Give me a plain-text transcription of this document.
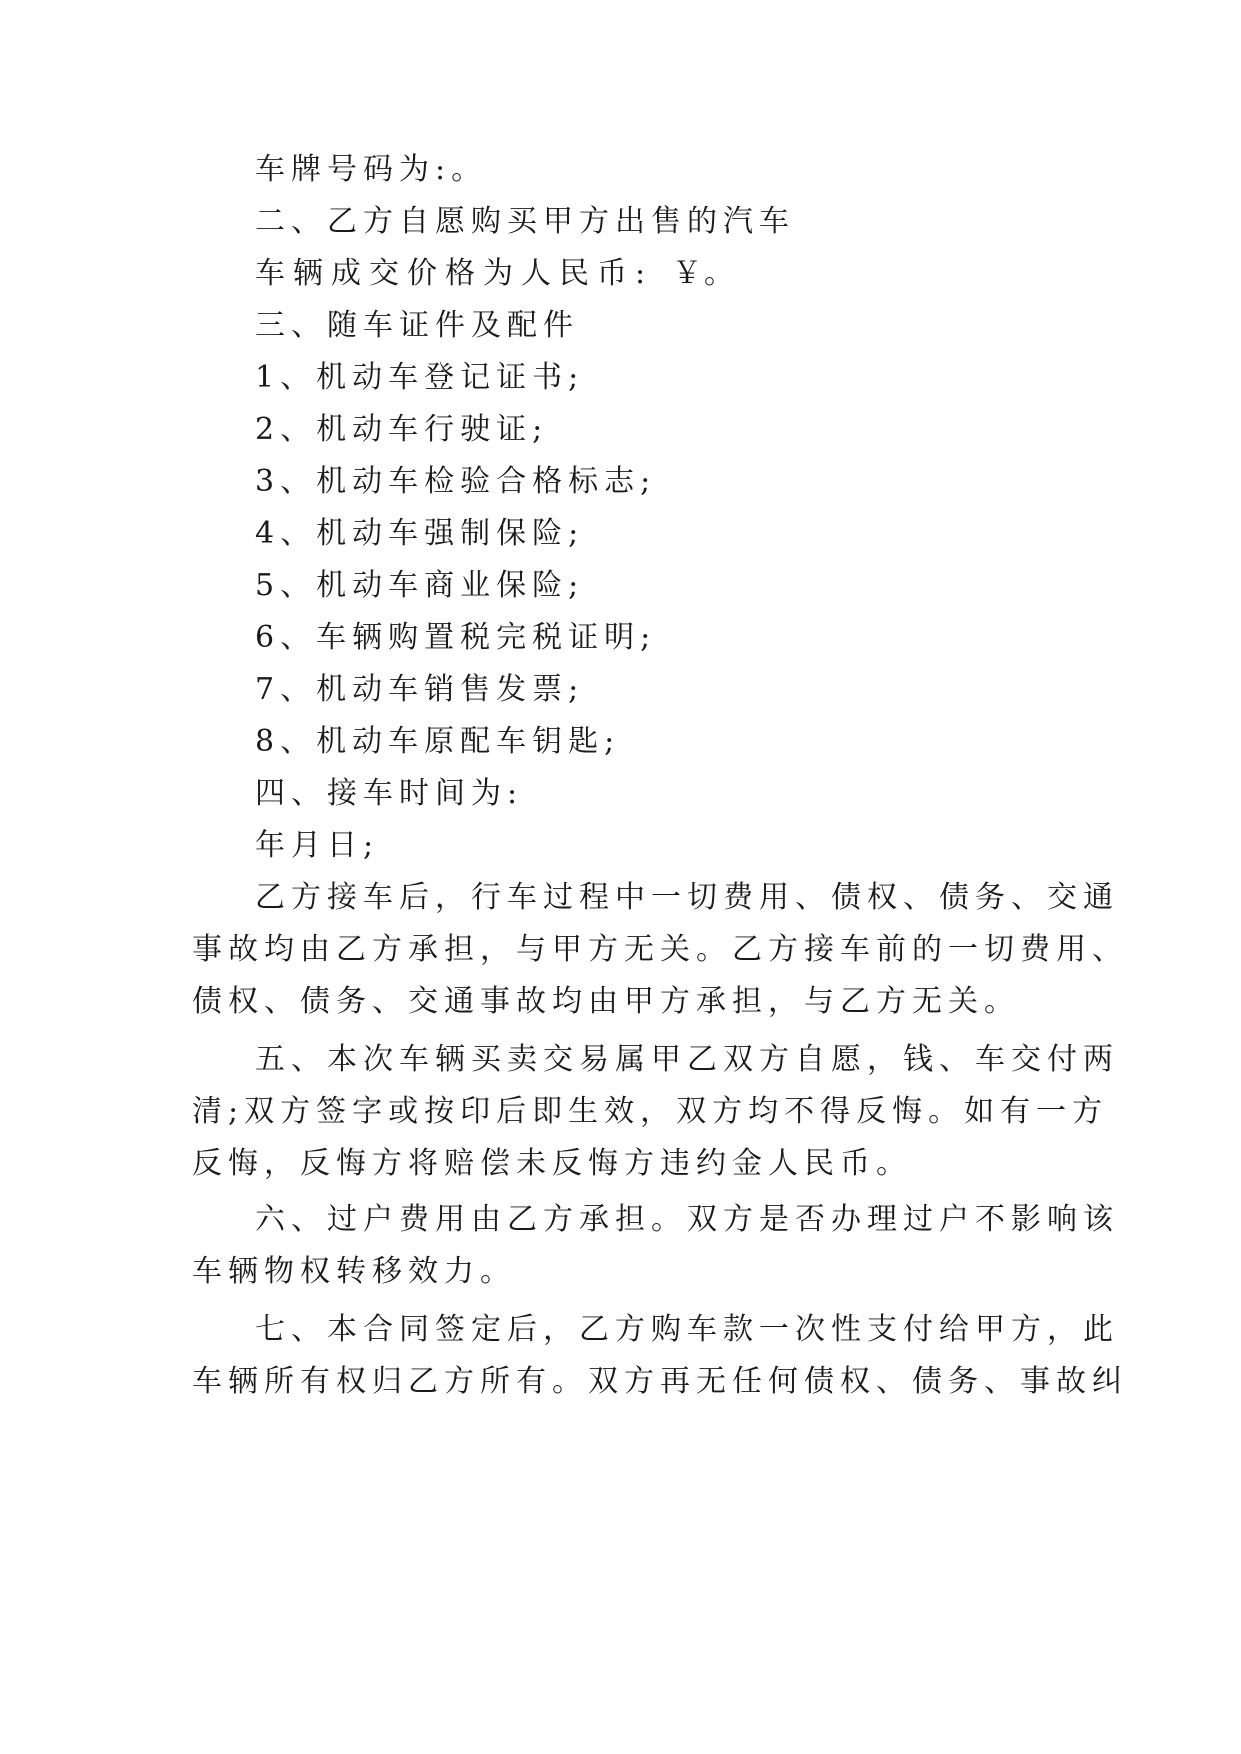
车牌号码为:。

二、乙方自愿购买甲方出售的汽车

车辆成交价格为人民币: ￥。

三、随车证件及配件

1、机动车登记证书;

2、机动车行驶证;

3、机动车检验合格标志;

4、机动车强制保险;

5、机动车商业保险;

6、车辆购置税完税证明;

7、机动车销售发票;

8、机动车原配车钥匙;

四、接车时间为:

年月日;

乙方接车后，行车过程中一切费用、债权、债务、交通

事故均由乙方承担，与甲方无关。乙方接车前的一切费用、

债权、债务、交通事故均由甲方承担，与乙方无关。

五、本次车辆买卖交易属甲乙双方自愿，钱、车交付两

清;双方签字或按印后即生效，双方均不得反悔。如有一方

反悔，反悔方将赔偿未反悔方违约金人民币。

六、过户费用由乙方承担。双方是否办理过户不影响该

车辆物权转移效力。

七、本合同签定后，乙方购车款一次性支付给甲方，此

车辆所有权归乙方所有。双方再无任何债权、债务、事故纠
